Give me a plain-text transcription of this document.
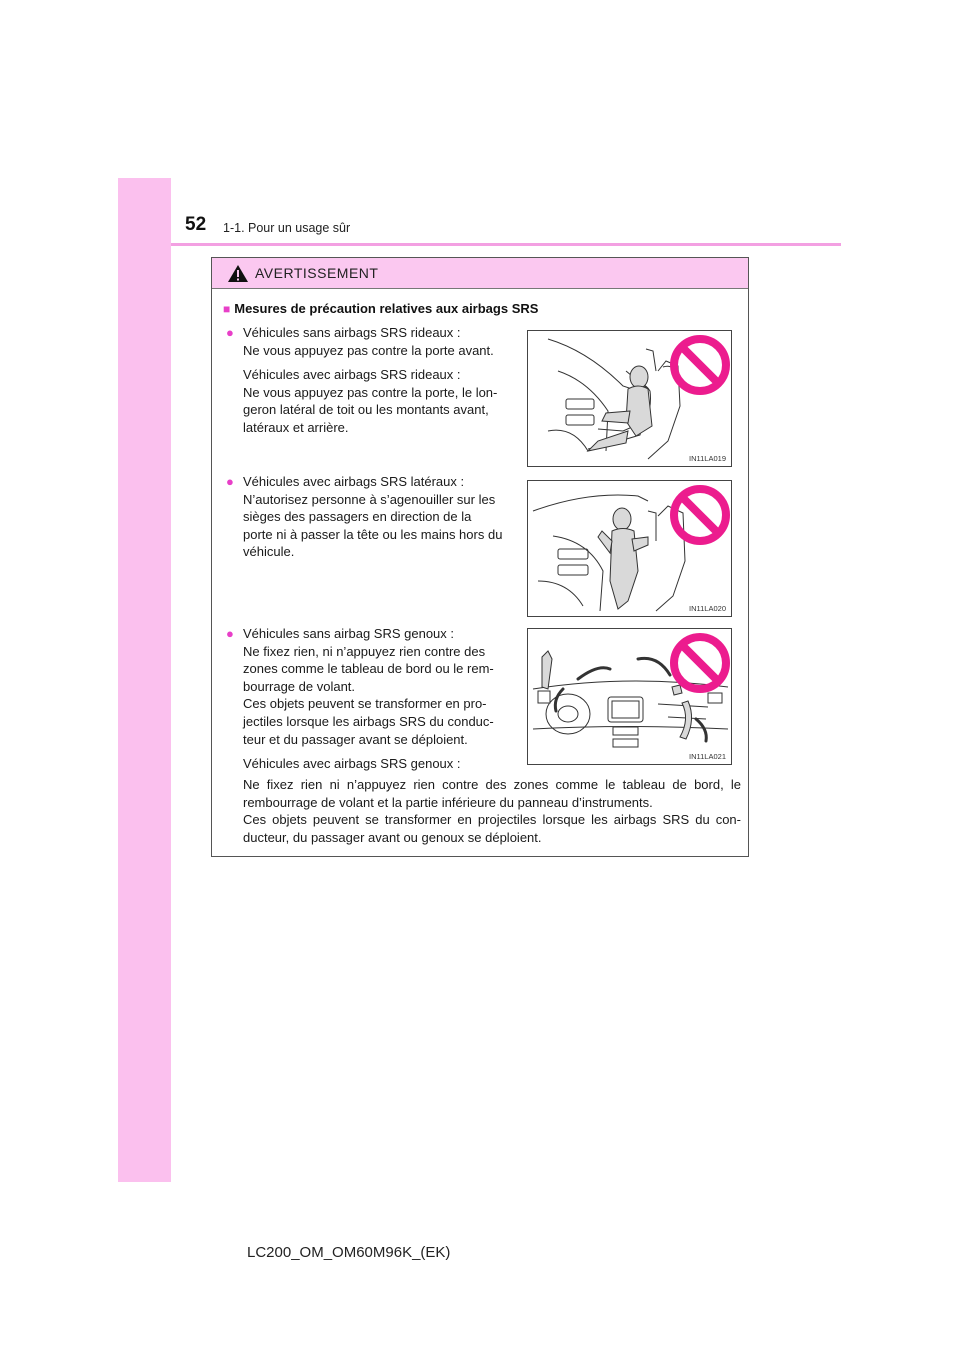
52 1-1. Pour un usage sûr
AVERTISSEMENT
■ Mesures de précaution relatives aux airbags SRS
● Véhicules sans airbags SRS rideaux :
Ne vous appuyez pas contre la porte avant.

Véhicules avec airbags SRS rideaux :
Ne vous appuyez pas contre la porte, le lon-
geron latéral de toit ou les montants avant,
latéraux et arrière.

● Véhicules avec airbags SRS latéraux :
N’autorisez personne à s’agenouiller sur les
sièges des passagers en direction de la
porte ni à passer la tête ou les mains hors du
véhicule.

● Véhicules sans airbag SRS genoux :
Ne fixez rien, ni n’appuyez rien contre des
zones comme le tableau de bord ou le rem-
bourrage de volant.
Ces objets peuvent se transformer en pro-
jectiles lorsque les airbags SRS du conduc-
teur et du passager avant se déploient.

Véhicules avec airbags SRS genoux :

Ne fixez rien ni n’appuyez rien contre des zones comme le tableau de bord, le rembourrage de volant et la partie inférieure du panneau d’instruments.
Ces objets peuvent se transformer en projectiles lorsque les airbags SRS du con-ducteur, du passager avant ou genoux se déploient.

IN11LA019
IN11LA020
IN11LA021
LC200_OM_OM60M96K_(EK)
